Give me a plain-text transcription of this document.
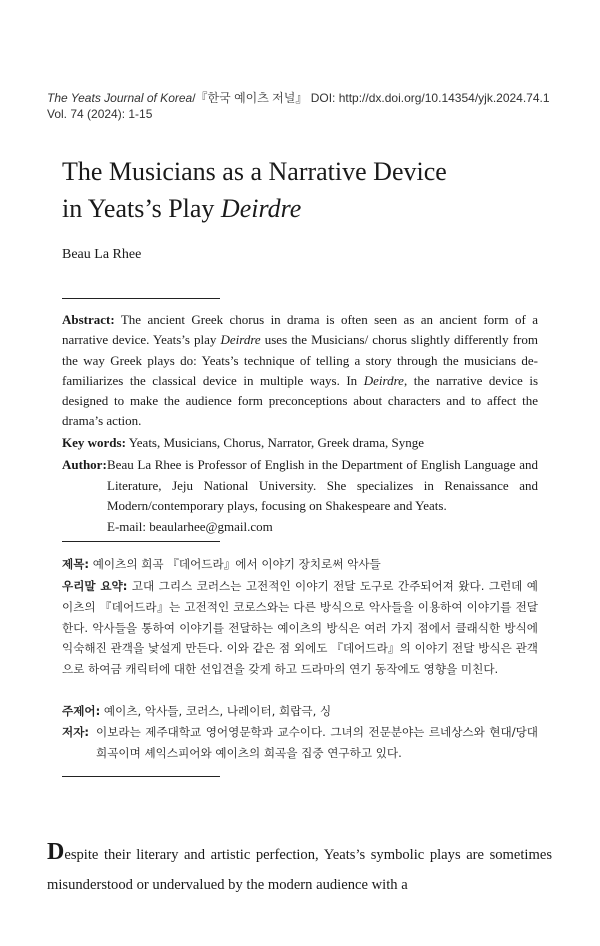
The Yeats Journal of Korea/『한국 예이츠 저널』 DOI: http://dx.doi.org/10.14354/yjk.2024.74.1
Vol. 74 (2024): 1-15
The Musicians as a Narrative Device
in Yeats’s Play Deirdre
Beau La Rhee

Abstract: The ancient Greek chorus in drama is often seen as an ancient form of a narrative device. Yeats’s play Deirdre uses the Musicians/ chorus slightly differently from the way Greek plays do: Yeats’s technique of telling a story through the musicians de-familiarizes the classical device in multiple ways. In Deirdre, the narrative device is designed to make the audience form preconceptions about characters and to affect the drama’s action.

Key words: Yeats, Musicians, Chorus, Narrator, Greek drama, Synge
Author: Beau La Rhee is Professor of English in the Department of English Language and Literature, Jeju National University. She specializes in Renaissance and Modern/contemporary plays, focusing on Shakespeare and Yeats.
E-mail: beaularhee@gmail.com
제목: 예이츠의 희곡 『데어드라』에서 이야기 장치로써 악사들
우리말 요약: 고대 그리스 코러스는 고전적인 이야기 전달 도구로 간주되어져 왔다. 그런데 예이츠의 『데어드라』는 고전적인 코로스와는 다른 방식으로 악사들을 이용하여 이야기를 전달한다. 악사들을 통하여 이야기를 전달하는 예이츠의 방식은 여러 가지 점에서 클래식한 방식에 익숙해진 관객을 낯설게 만든다. 이와 같은 점 외에도 『데어드라』의 이야기 전달 방식은 관객으로 하여금 캐릭터에 대한 선입견을 갖게 하고 드라마의 연기 동작에도 영향을 미친다.
주제어: 예이츠, 악사들, 코러스, 나레이터, 희랍극, 싱
저자: 이보라는 제주대학교 영어영문학과 교수이다. 그녀의 전문분야는 르네상스와 현대/당대 희곡이며 셰익스피어와 예이츠의 희곡을 집중 연구하고 있다.
Despite their literary and artistic perfection, Yeats’s symbolic plays are sometimes misunderstood or undervalued by the modern audience with a
